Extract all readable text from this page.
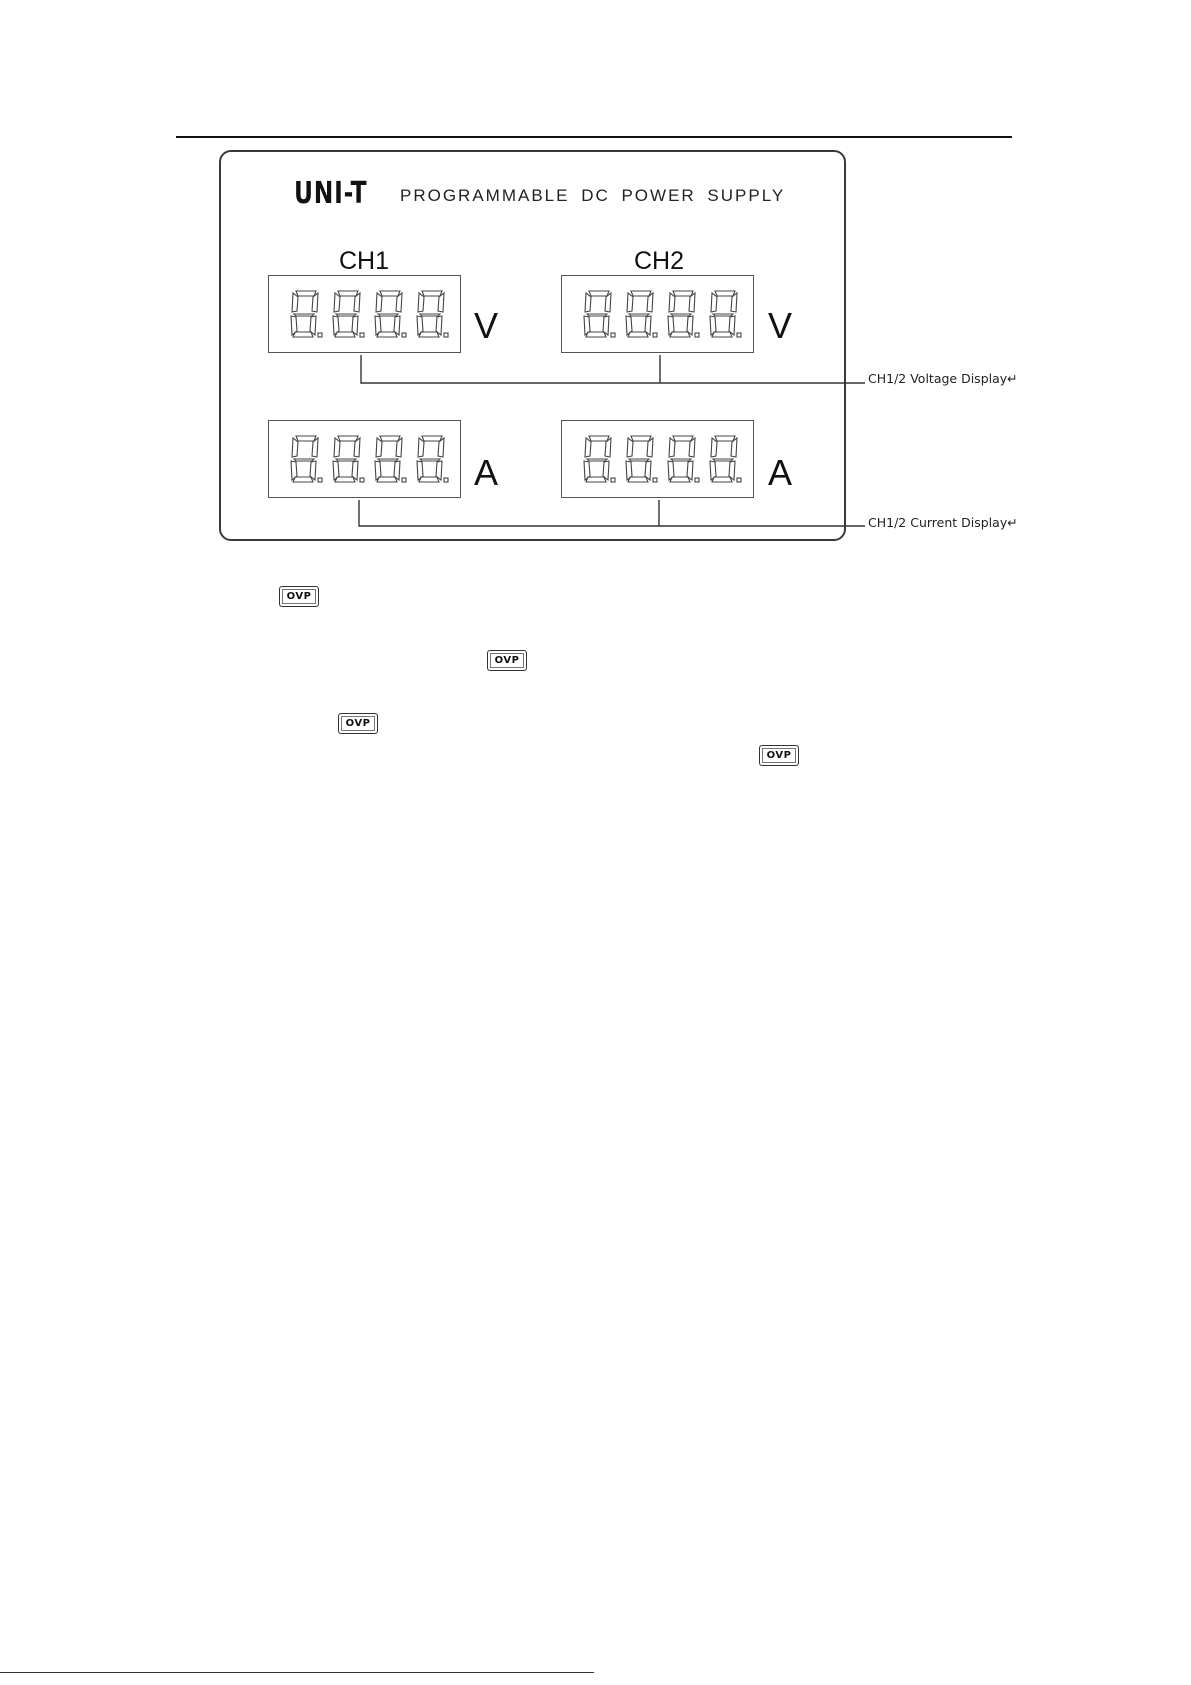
UNI-T PROGRAMMABLE DC POWER SUPPLY
CH1	CH2
V	V
A	A
CH1/2 Voltage Display↵
CH1/2 Current Display↵
OVP
OVP
OVP
OVP
